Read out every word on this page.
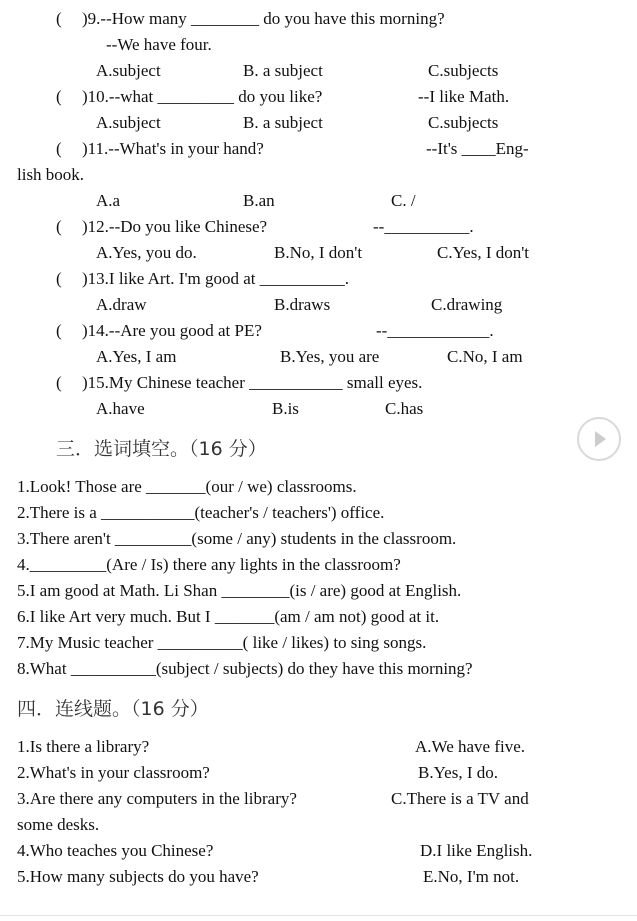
( )9.--How many ________ do you have this morning?
--We have four.
A.subject	B. a subject	C.subjects
( )10.--what _________ do you like?	--I like Math.
A.subject	B. a subject	C.subjects
( )11.--What's in your hand?	--It's ____Eng-
lish book.
A.a	B.an	C. /
( )12.--Do you like Chinese?	--__________.
A.Yes, you do.	B.No, I don't	C.Yes, I don't
( )13.I like Art. I'm good at __________.
A.draw	B.draws	C.drawing
( )14.--Are you good at PE?	--____________.
A.Yes, I am	B.Yes, you are	C.No, I am
( )15.My Chinese teacher ___________ small eyes.
A.have	B.is	C.has
三．选词填空。（16 分）
1.Look! Those are _______(our / we) classrooms.
2.There is a ___________(teacher's / teachers') office.
3.There aren't _________(some / any) students in the classroom.
4._________(Are / Is) there any lights in the classroom?
5.I am good at Math. Li Shan ________(is / are) good at English.
6.I like Art very much. But I _______(am / am not) good at it.
7.My Music teacher __________( like / likes) to sing songs.
8.What __________(subject / subjects) do they have this morning?
四．连线题。（16 分）
1.Is there a library?	A.We have five.
2.What's in your classroom?	B.Yes, I do.
3.Are there any computers in the library?	C.There is a TV and
some desks.
4.Who teaches you Chinese?	D.I like English.
5.How many subjects do you have?	E.No, I'm not.
